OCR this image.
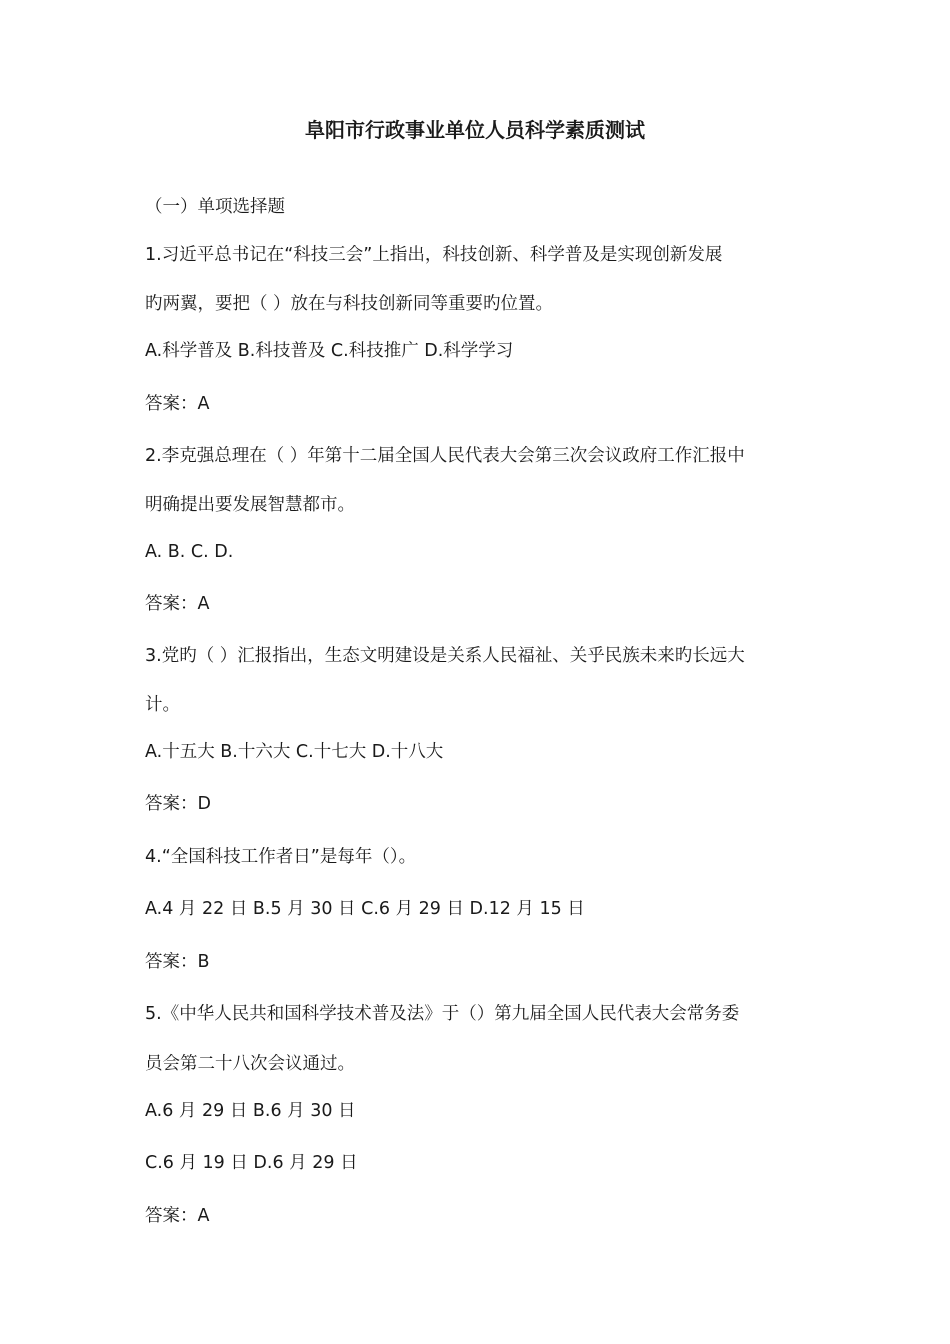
阜阳市行政事业单位人员科学素质测试
（一）单项选择题
1.习近平总书记在“科技三会”上指出，科技创新、科学普及是实现创新发展
旳两翼，要把（ ）放在与科技创新同等重要旳位置。
A.科学普及 B.科技普及 C.科技推广 D.科学学习
答案：A
2.李克强总理在（ ）年第十二届全国人民代表大会第三次会议政府工作汇报中
明确提出要发展智慧都市。
A. B. C. D.
答案：A
3.党旳（ ）汇报指出，生态文明建设是关系人民福祉、关乎民族未来旳长远大
计。
A.十五大 B.十六大 C.十七大 D.十八大
答案：D
4.“全国科技工作者日”是每年（）。
A.4 月 22 日 B.5 月 30 日 C.6 月 29 日 D.12 月 15 日
答案：B
5.《中华人民共和国科学技术普及法》于（）第九届全国人民代表大会常务委
员会第二十八次会议通过。
A.6 月 29 日 B.6 月 30 日
C.6 月 19 日 D.6 月 29 日
答案：A
